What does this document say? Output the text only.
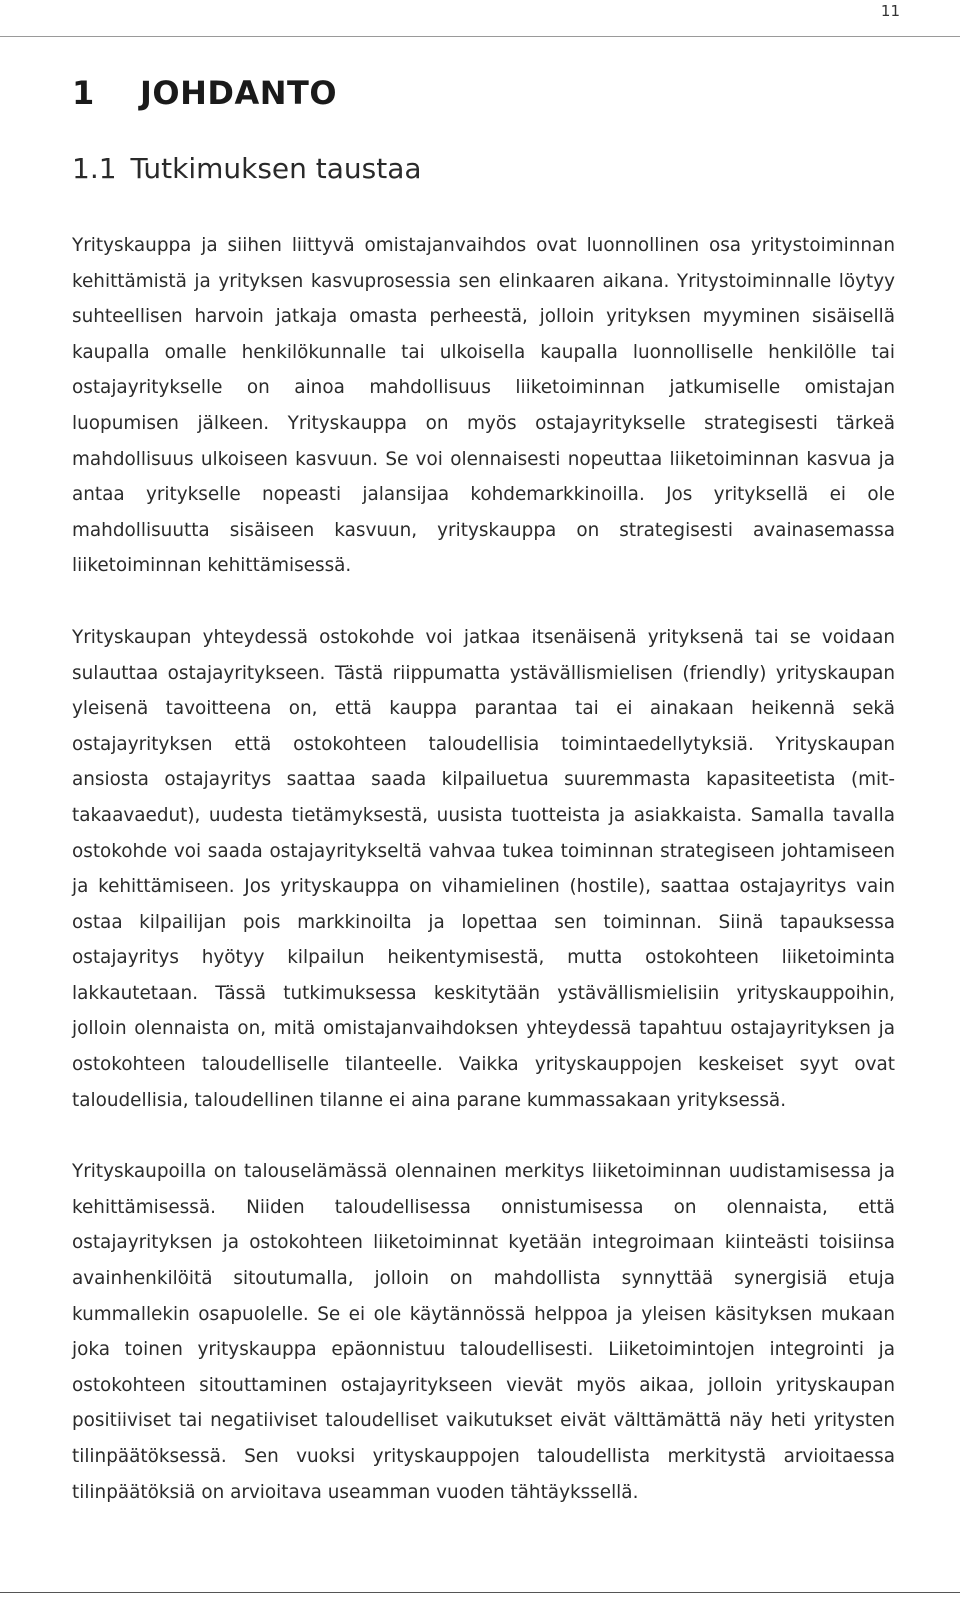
11
1 JOHDANTO
1.1 Tutkimuksen taustaa

Yrityskauppa ja siihen liittyvä omistajanvaihdos ovat luonnollinen osa yritystoiminnan kehittämistä ja yrityksen kasvuprosessia sen elinkaaren aikana. Yritystoiminnalle löytyy suhteellisen harvoin jatkaja omasta perheestä, jolloin yrityksen myyminen sisäisellä kaupalla omalle henkilökunnalle tai ulkoisella kaupalla luonnolliselle henkilölle tai ostajayritykselle on ainoa mahdollisuus liiketoiminnan jatkumiselle omistajan luopumisen jälkeen. Yrityskauppa on myös ostajayritykselle strategisesti tärkeä mahdollisuus ulkoiseen kasvuun. Se voi olennaisesti nopeuttaa liiketoiminnan kasvua ja antaa yritykselle nopeasti jalansijaa kohdemarkkinoilla. Jos yrityksellä ei ole mahdollisuutta sisäiseen kasvuun, yrityskauppa on strategisesti avainasemassa liiketoiminnan kehittämisessä.

Yrityskaupan yhteydessä ostokohde voi jatkaa itsenäisenä yrityksenä tai se voidaan sulauttaa ostajayritykseen. Tästä riippumatta ystävällismielisen (friendly) yrityskaupan yleisenä tavoitteena on, että kauppa parantaa tai ei ainakaan heikennä sekä ostajayrityksen että ostokohteen taloudellisia toimintaedellytyksiä. Yrityskaupan ansiosta ostajayritys saattaa saada kilpailuetua suuremmasta kapasiteetista (mittakaavaedut), uudesta tietämyksestä, uusista tuotteista ja asiakkaista. Samalla tavalla ostokohde voi saada ostajayritykseltä vahvaa tukea toiminnan strategiseen johtamiseen ja kehittämiseen. Jos yrityskauppa on vihamielinen (hostile), saattaa ostajayritys vain ostaa kilpailijan pois markkinoilta ja lopettaa sen toiminnan. Siinä tapauksessa ostajayritys hyötyy kilpailun heikentymisestä, mutta ostokohteen liiketoiminta lakkautetaan. Tässä tutkimuksessa keskitytään ystävällismielisiin yrityskauppoihin, jolloin olennaista on, mitä omistajanvaihdoksen yhteydessä tapahtuu ostajayrityksen ja ostokohteen taloudelliselle tilanteelle. Vaikka yrityskauppojen keskeiset syyt ovat taloudellisia, taloudellinen tilanne ei aina parane kummassakaan yrityksessä.

Yrityskaupoilla on talouselämässä olennainen merkitys liiketoiminnan uudistamisessa ja kehittämisessä. Niiden taloudellisessa onnistumisessa on olennaista, että ostajayrityksen ja ostokohteen liiketoiminnat kyetään integroimaan kiinteästi toisiinsa avainhenkilöitä sitoutumalla, jolloin on mahdollista synnyttää synergisiä etuja kummallekin osapuolelle. Se ei ole käytännössä helppoa ja yleisen käsityksen mukaan joka toinen yrityskauppa epäonnistuu taloudellisesti. Liiketoimintojen integrointi ja ostokohteen sitouttaminen ostajayritykseen vievät myös aikaa, jolloin yrityskaupan positiiviset tai negatiiviset taloudelliset vaikutukset eivät välttämättä näy heti yritysten tilinpäätöksessä. Sen vuoksi yrityskauppojen taloudellista merkitystä arvioitaessa tilinpäätöksiä on arvioitava useamman vuoden tähtäykssellä.
